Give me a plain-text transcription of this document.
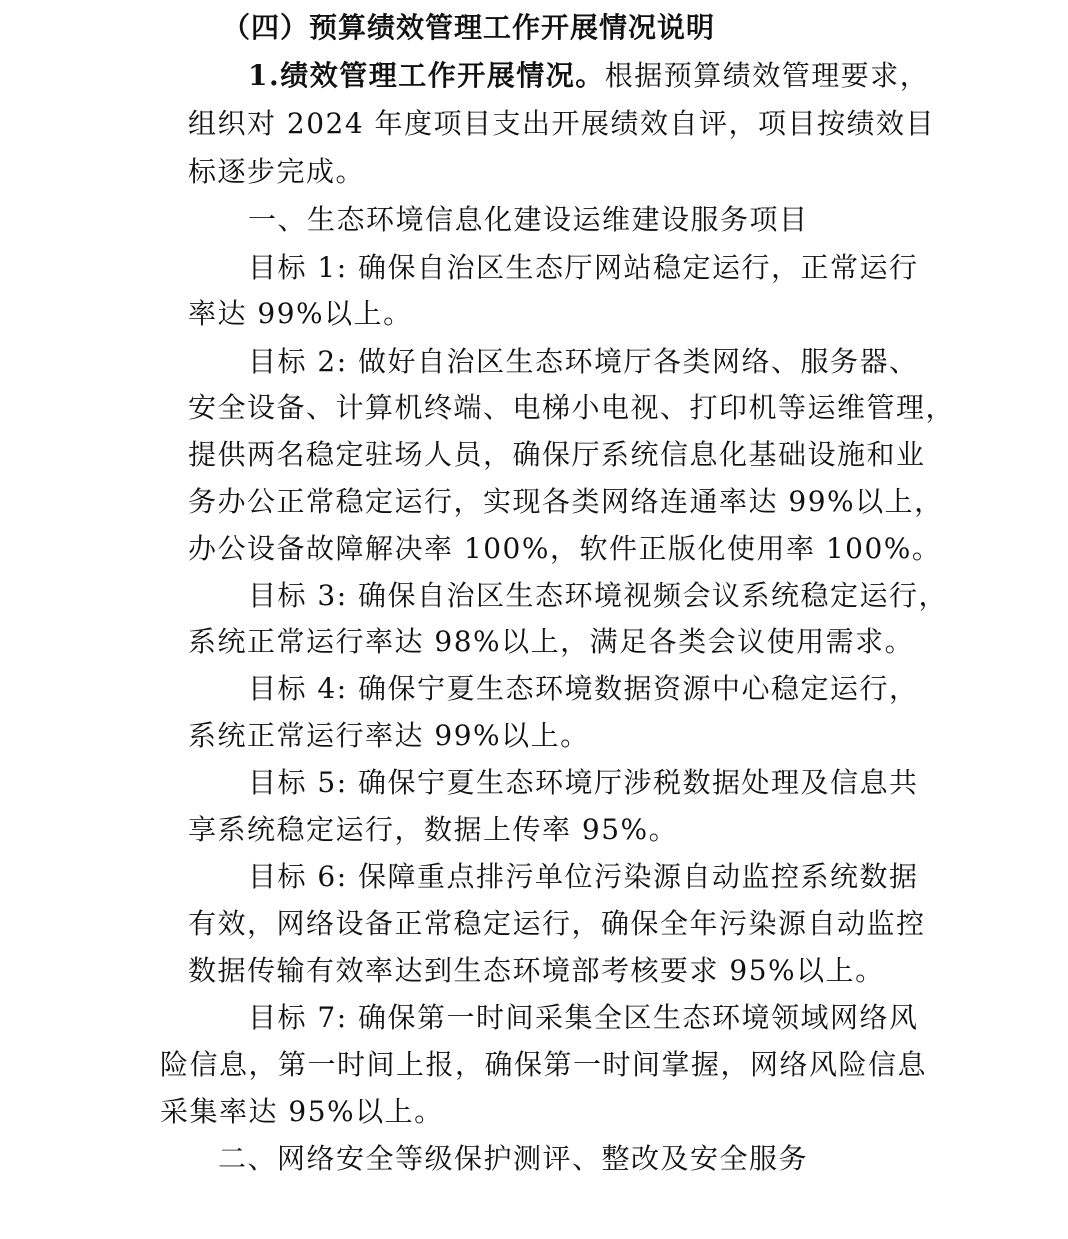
（四）预算绩效管理工作开展情况说明
1.绩效管理工作开展情况。根据预算绩效管理要求，
组织对 2024 年度项目支出开展绩效自评，项目按绩效目
标逐步完成。
一、生态环境信息化建设运维建设服务项目
目标 1: 确保自治区生态厅网站稳定运行，正常运行
率达 99%以上。
目标 2: 做好自治区生态环境厅各类网络、服务器、
安全设备、计算机终端、电梯小电视、打印机等运维管理，
提供两名稳定驻场人员，确保厅系统信息化基础设施和业
务办公正常稳定运行，实现各类网络连通率达 99%以上，
办公设备故障解决率 100%，软件正版化使用率 100%。
目标 3: 确保自治区生态环境视频会议系统稳定运行，
系统正常运行率达 98%以上，满足各类会议使用需求。
目标 4: 确保宁夏生态环境数据资源中心稳定运行，
系统正常运行率达 99%以上。
目标 5: 确保宁夏生态环境厅涉税数据处理及信息共
享系统稳定运行，数据上传率 95%。
目标 6: 保障重点排污单位污染源自动监控系统数据
有效，网络设备正常稳定运行，确保全年污染源自动监控
数据传输有效率达到生态环境部考核要求 95%以上。
目标 7: 确保第一时间采集全区生态环境领域网络风
险信息，第一时间上报，确保第一时间掌握，网络风险信息
采集率达 95%以上。
二、网络安全等级保护测评、整改及安全服务
